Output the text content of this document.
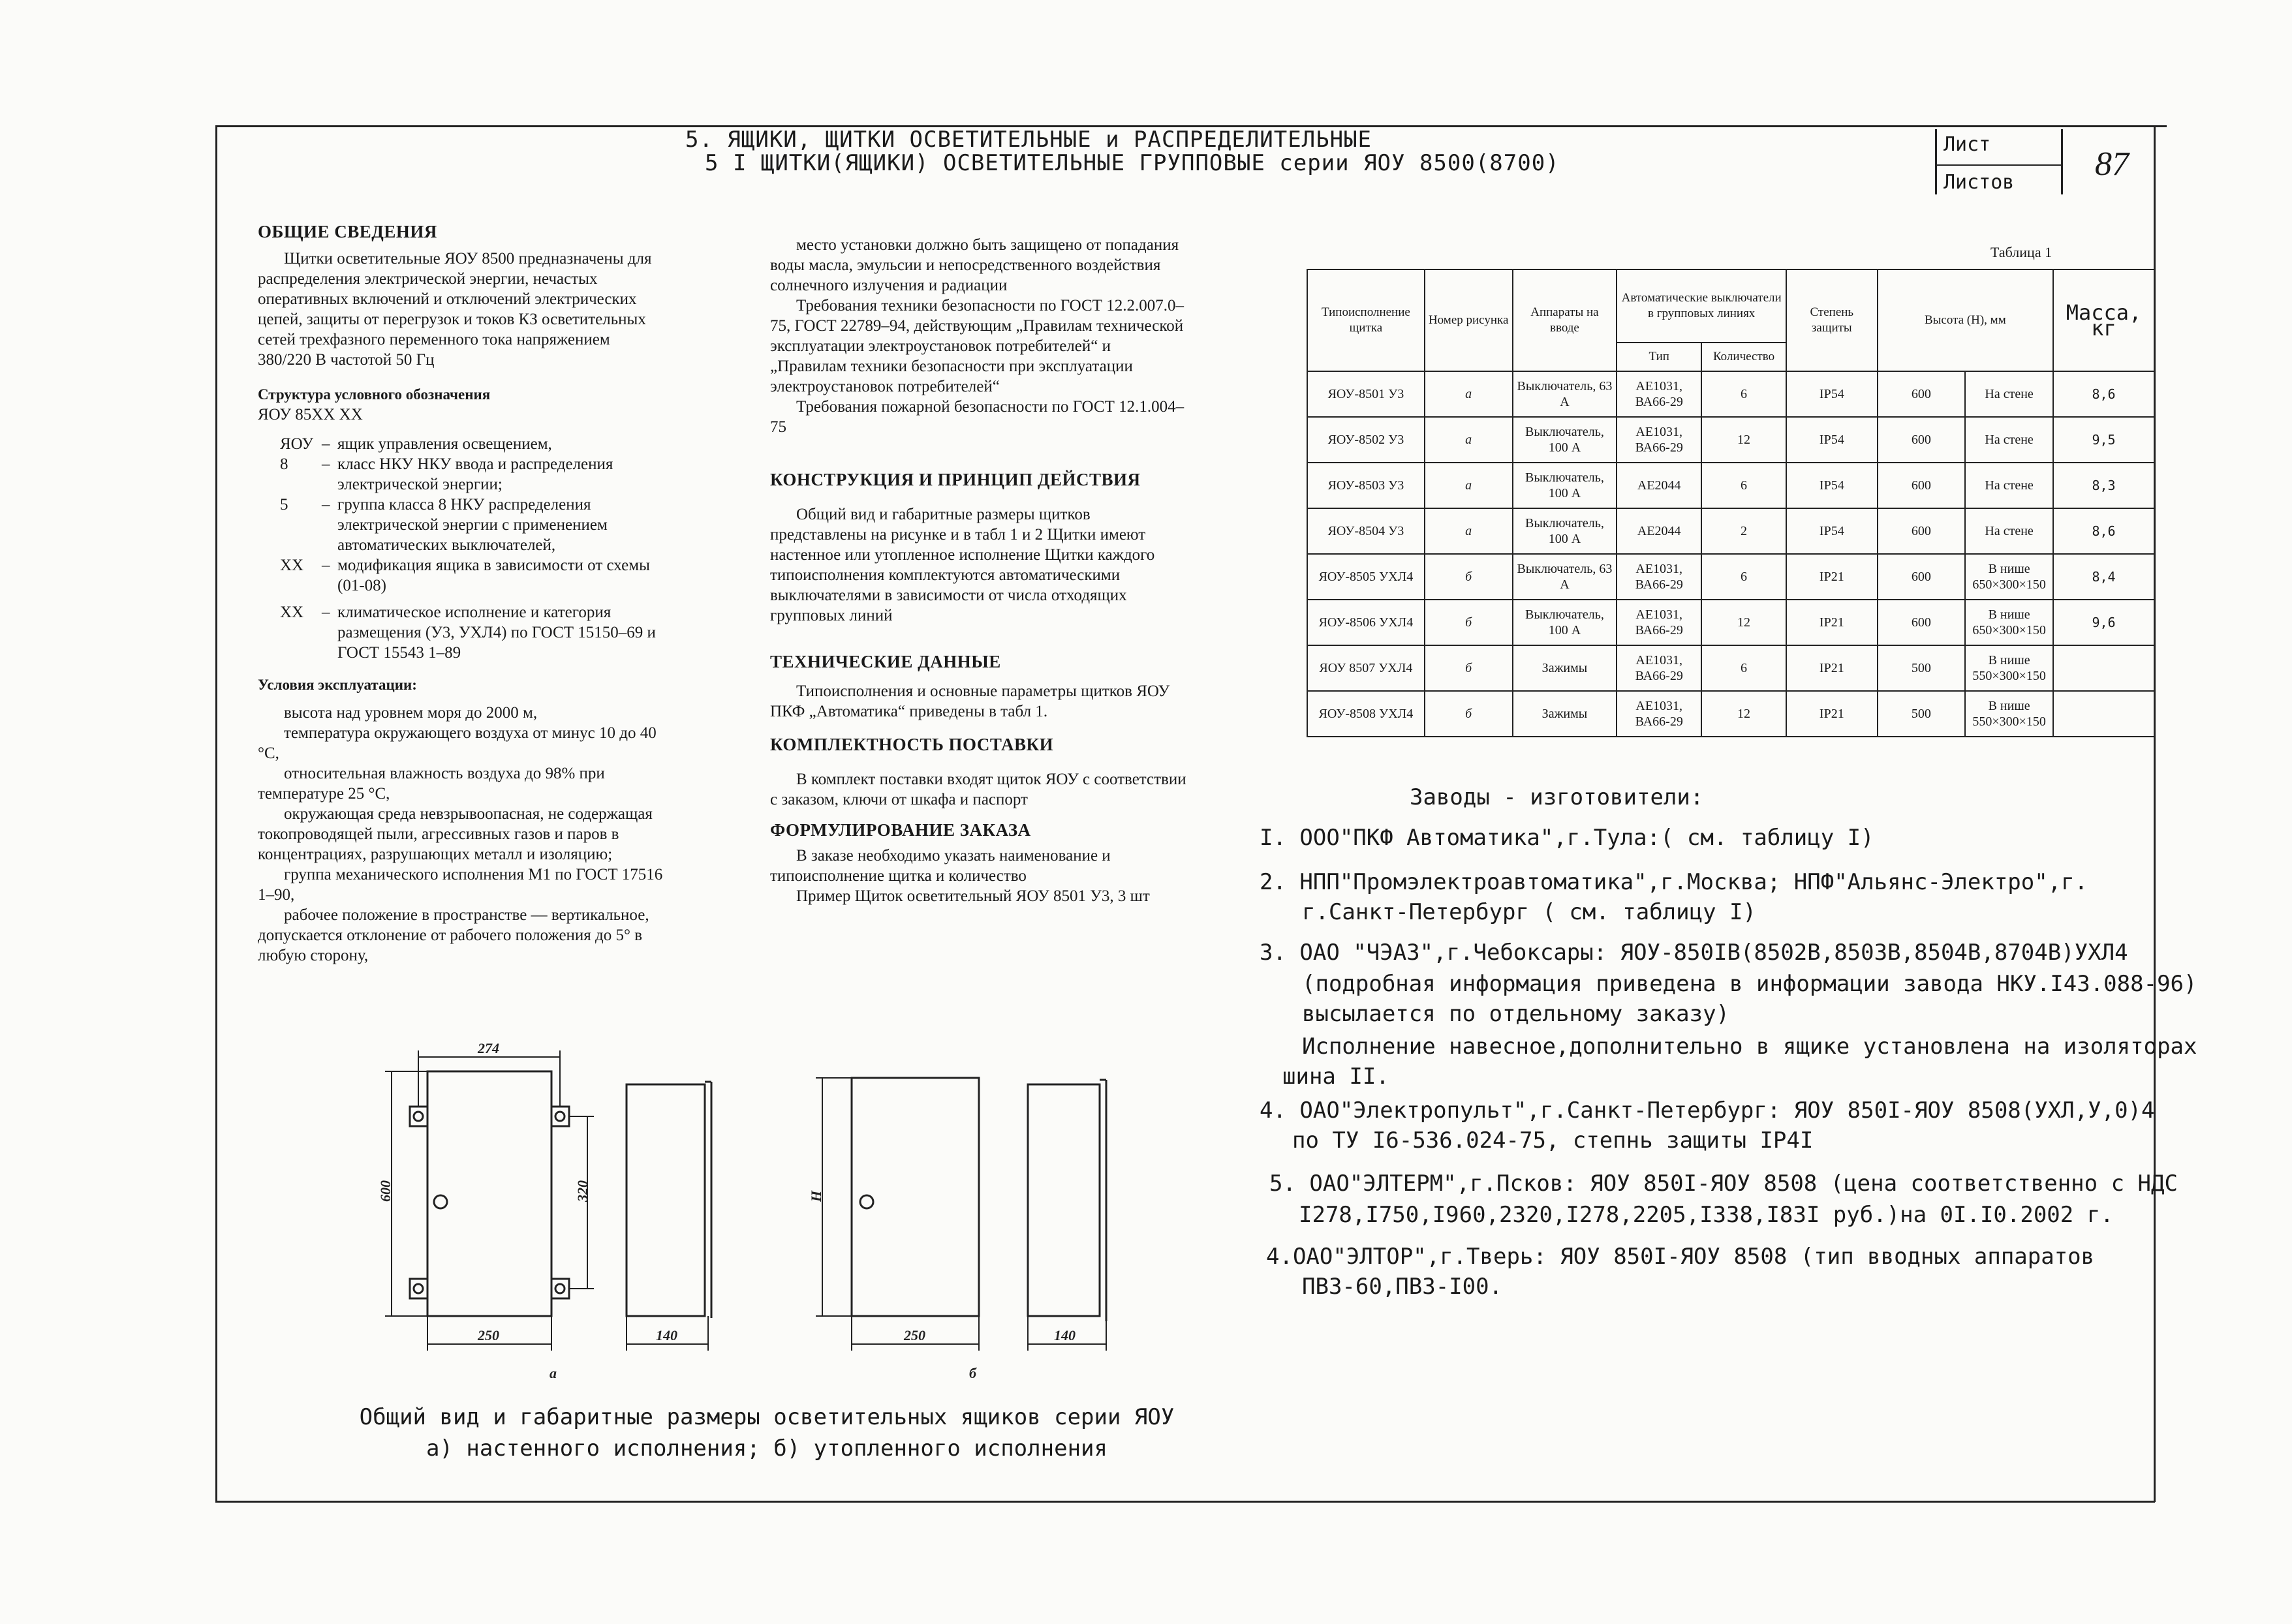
5. ЯЩИКИ, ЩИТКИ ОСВЕТИТЕЛЬНЫЕ и РАСПРЕДЕЛИТЕЛЬНЫЕ
5 I ЩИТКИ(ЯЩИКИ) ОСВЕТИТЕЛЬНЫЕ ГРУППОВЫЕ серии ЯОУ 8500(8700)
Лист
Листов 87
ОБЩИЕ СВЕДЕНИЯ

Щитки осветительные ЯОУ 8500 предназначены для распределения электрической энергии, нечастых оперативных включений и отключений электрических цепей, защиты от перегрузок и токов КЗ осветительных сетей трехфазного переменного тока напряжением 380/220 В частотой 50 Гц

Структура условного обозначения
ЯОУ 85ХХ ХХ
ЯОУ – ящик управления освещением,
8	– класс НКУ НКУ ввода и распределения электрической энергии;
5	– группа класса 8 НКУ распределения электрической энергии с применением автоматических выключателей,
ХХ	– модификация ящика в зависимости от схемы (01-08)
ХХ	– климатическое исполнение и категория размещения (У3, УХЛ4) по ГОСТ 15150–69 и ГОСТ 15543 1–89
Условия эксплуатации:

высота над уровнем моря до 2000 м,

температура окружающего воздуха от минус 10 до 40 °С,

относительная влажность воздуха до 98% при температуре 25 °С,

окружающая среда невзрывоопасная, не содержащая токопроводящей пыли, агрессивных газов и паров в концентрациях, разрушающих металл и изоляцию;

группа механического исполнения М1 по ГОСТ 17516 1–90,

рабочее положение в пространстве — вертикальное, допускается отклонение от рабочего положения до 5° в любую сторону,

место установки должно быть защищено от попадания воды масла, эмульсии и непосредственного воздействия солнечного излучения и радиации

Требования техники безопасности по ГОСТ 12.2.007.0–75, ГОСТ 22789–94, действующим „Правилам технической эксплуатации электроустановок потребителей“ и „Правилам техники безопасности при эксплуатации электроустановок потребителей“

Требования пожарной безопасности по ГОСТ 12.1.004–75

КОНСТРУКЦИЯ И ПРИНЦИП ДЕЙСТВИЯ

Общий вид и габаритные размеры щитков представлены на рисунке и в табл 1 и 2 Щитки имеют настенное или утопленное исполнение Щитки каждого типоисполнения комплектуются автоматическими выключателями в зависимости от числа отходящих групповых линий

ТЕХНИЧЕСКИЕ ДАННЫЕ

Типоисполнения и основные параметры щитков ЯОУ ПКФ „Автоматика“ приведены в табл 1.

КОМПЛЕКТНОСТЬ ПОСТАВКИ

В комплект поставки входят щиток ЯОУ с соответствии с заказом, ключи от шкафа и паспорт

ФОРМУЛИРОВАНИЕ ЗАКАЗА

В заказе необходимо указать наименование и типоисполнение щитка и количество

Пример Щиток осветительный ЯОУ 8501 У3, 3 шт

Таблица 1
Типоисполнение щитка	Номер рисунка	Аппараты на вводе	Автоматические выключатели в групповых линиях		Степень защиты	Высота (Н), мм		Масса, кг
			Тип	Количество				
ЯОУ-8501 У3	а	Выключатель, 63 А	АЕ1031, ВА66-29	6	IP54	600	На стене	8,6
ЯОУ-8502 У3	а	Выключатель, 100 А	АЕ1031, ВА66-29	12	IP54	600	На стене	9,5
ЯОУ-8503 У3	а	Выключатель, 100 А	АЕ2044	6	IP54	600	На стене	8,3
ЯОУ-8504 У3	а	Выключатель, 100 А	АЕ2044	2	IP54	600	На стене	8,6
ЯОУ-8505 УХЛ4	б	Выключатель, 63 А	АЕ1031, ВА66-29	6	IP21	600	В нише 650×300×150	8,4
ЯОУ-8506 УХЛ4	б	Выключатель, 100 А	АЕ1031, ВА66-29	12	IP21	600	В нише 650×300×150	9,6
ЯОУ 8507 УХЛ4	б	Зажимы	АЕ1031, ВА66-29	6	IP21	500	В нише 550×300×150	
ЯОУ-8508 УХЛ4	б	Зажимы	АЕ1031, ВА66-29	12	IP21	500	В нише 550×300×150	
Заводы - изготовители:
I. ООО"ПКФ Автоматика",г.Тула:( см. таблицу I)
2. НПП"Промэлектроавтоматика",г.Москва; НПФ"Альянс-Электро",г.
г.Санкт-Петербург ( см. таблицу I)
3. ОАО "ЧЭАЗ",г.Чебоксары: ЯОУ-850IВ(8502В,8503В,8504В,8704В)УХЛ4
(подробная информация приведена в информации завода НКУ.I43.088-96)
высылается по отдельному заказу)
Исполнение навесное,дополнительно в ящике установлена на изоляторах
шина II.
4. ОАО"Электропульт",г.Санкт-Петербург: ЯОУ 850I-ЯОУ 8508(УХЛ,У,0)4
по ТУ I6-536.024-75, степнь защиты IP4I
5. ОАО"ЭЛТЕРМ",г.Псков: ЯОУ 850I-ЯОУ 8508 (цена соответственно с НДС
I278,I750,I960,2320,I278,2205,I338,I83I руб.)на 0I.I0.2002 г.
4.ОАО"ЭЛТОР",г.Тверь: ЯОУ 850I-ЯОУ 8508 (тип вводных аппаратов
ПВЗ-60,ПВЗ-I00.
274
600	320
250	140
Н
250	140
а	б
Общий вид и габаритные размеры осветительных ящиков серии ЯОУ
а) настенного исполнения; б) утопленного исполнения
